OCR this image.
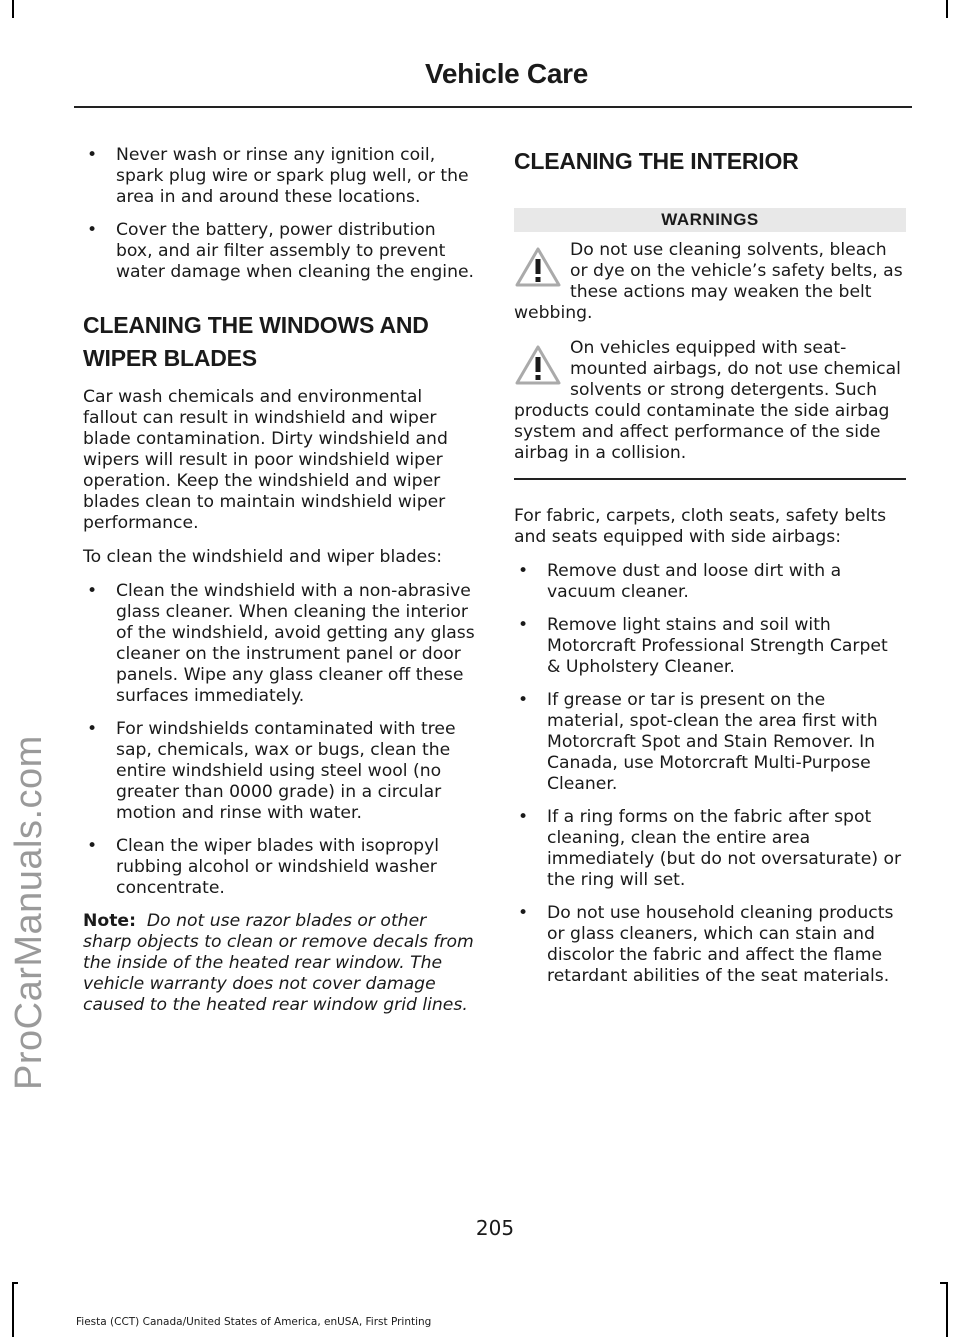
ProCarManuals.com
Vehicle Care
• Never wash or rinse any ignition coil, spark plug wire or spark plug well, or the area in and around these locations.
• Cover the battery, power distribution box, and air filter assembly to prevent water damage when cleaning the engine.
CLEANING THE WINDOWS AND
WIPER BLADES

Car wash chemicals and environmental fallout can result in windshield and wiper blade contamination. Dirty windshield and wipers will result in poor windshield wiper operation. Keep the windshield and wiper blades clean to maintain windshield wiper performance.

To clean the windshield and wiper blades:

• Clean the windshield with a non-abrasive glass cleaner. When cleaning the interior of the windshield, avoid getting any glass cleaner on the instrument panel or door panels. Wipe any glass cleaner off these surfaces immediately.
• For windshields contaminated with tree sap, chemicals, wax or bugs, clean the entire windshield using steel wool (no greater than 0000 grade) in a circular motion and rinse with water.
• Clean the wiper blades with isopropyl rubbing alcohol or windshield washer concentrate.

Note: Do not use razor blades or other sharp objects to clean or remove decals from the inside of the heated rear window. The vehicle warranty does not cover damage caused to the heated rear window grid lines.

CLEANING THE INTERIOR
WARNINGS
Do not use cleaning solvents, bleach or dye on the vehicle’s safety belts, as these actions may weaken the belt webbing.
On vehicles equipped with seat-mounted airbags, do not use chemical solvents or strong detergents. Such products could contaminate the side airbag system and affect performance of the side airbag in a collision.

For fabric, carpets, cloth seats, safety belts and seats equipped with side airbags:

• Remove dust and loose dirt with a vacuum cleaner.
• Remove light stains and soil with Motorcraft Professional Strength Carpet & Upholstery Cleaner.
• If grease or tar is present on the material, spot-clean the area first with Motorcraft Spot and Stain Remover. In Canada, use Motorcraft Multi-Purpose Cleaner.
• If a ring forms on the fabric after spot cleaning, clean the entire area immediately (but do not oversaturate) or the ring will set.
• Do not use household cleaning products or glass cleaners, which can stain and discolor the fabric and affect the flame retardant abilities of the seat materials.
205
Fiesta (CCT) Canada/United States of America, enUSA, First Printing
